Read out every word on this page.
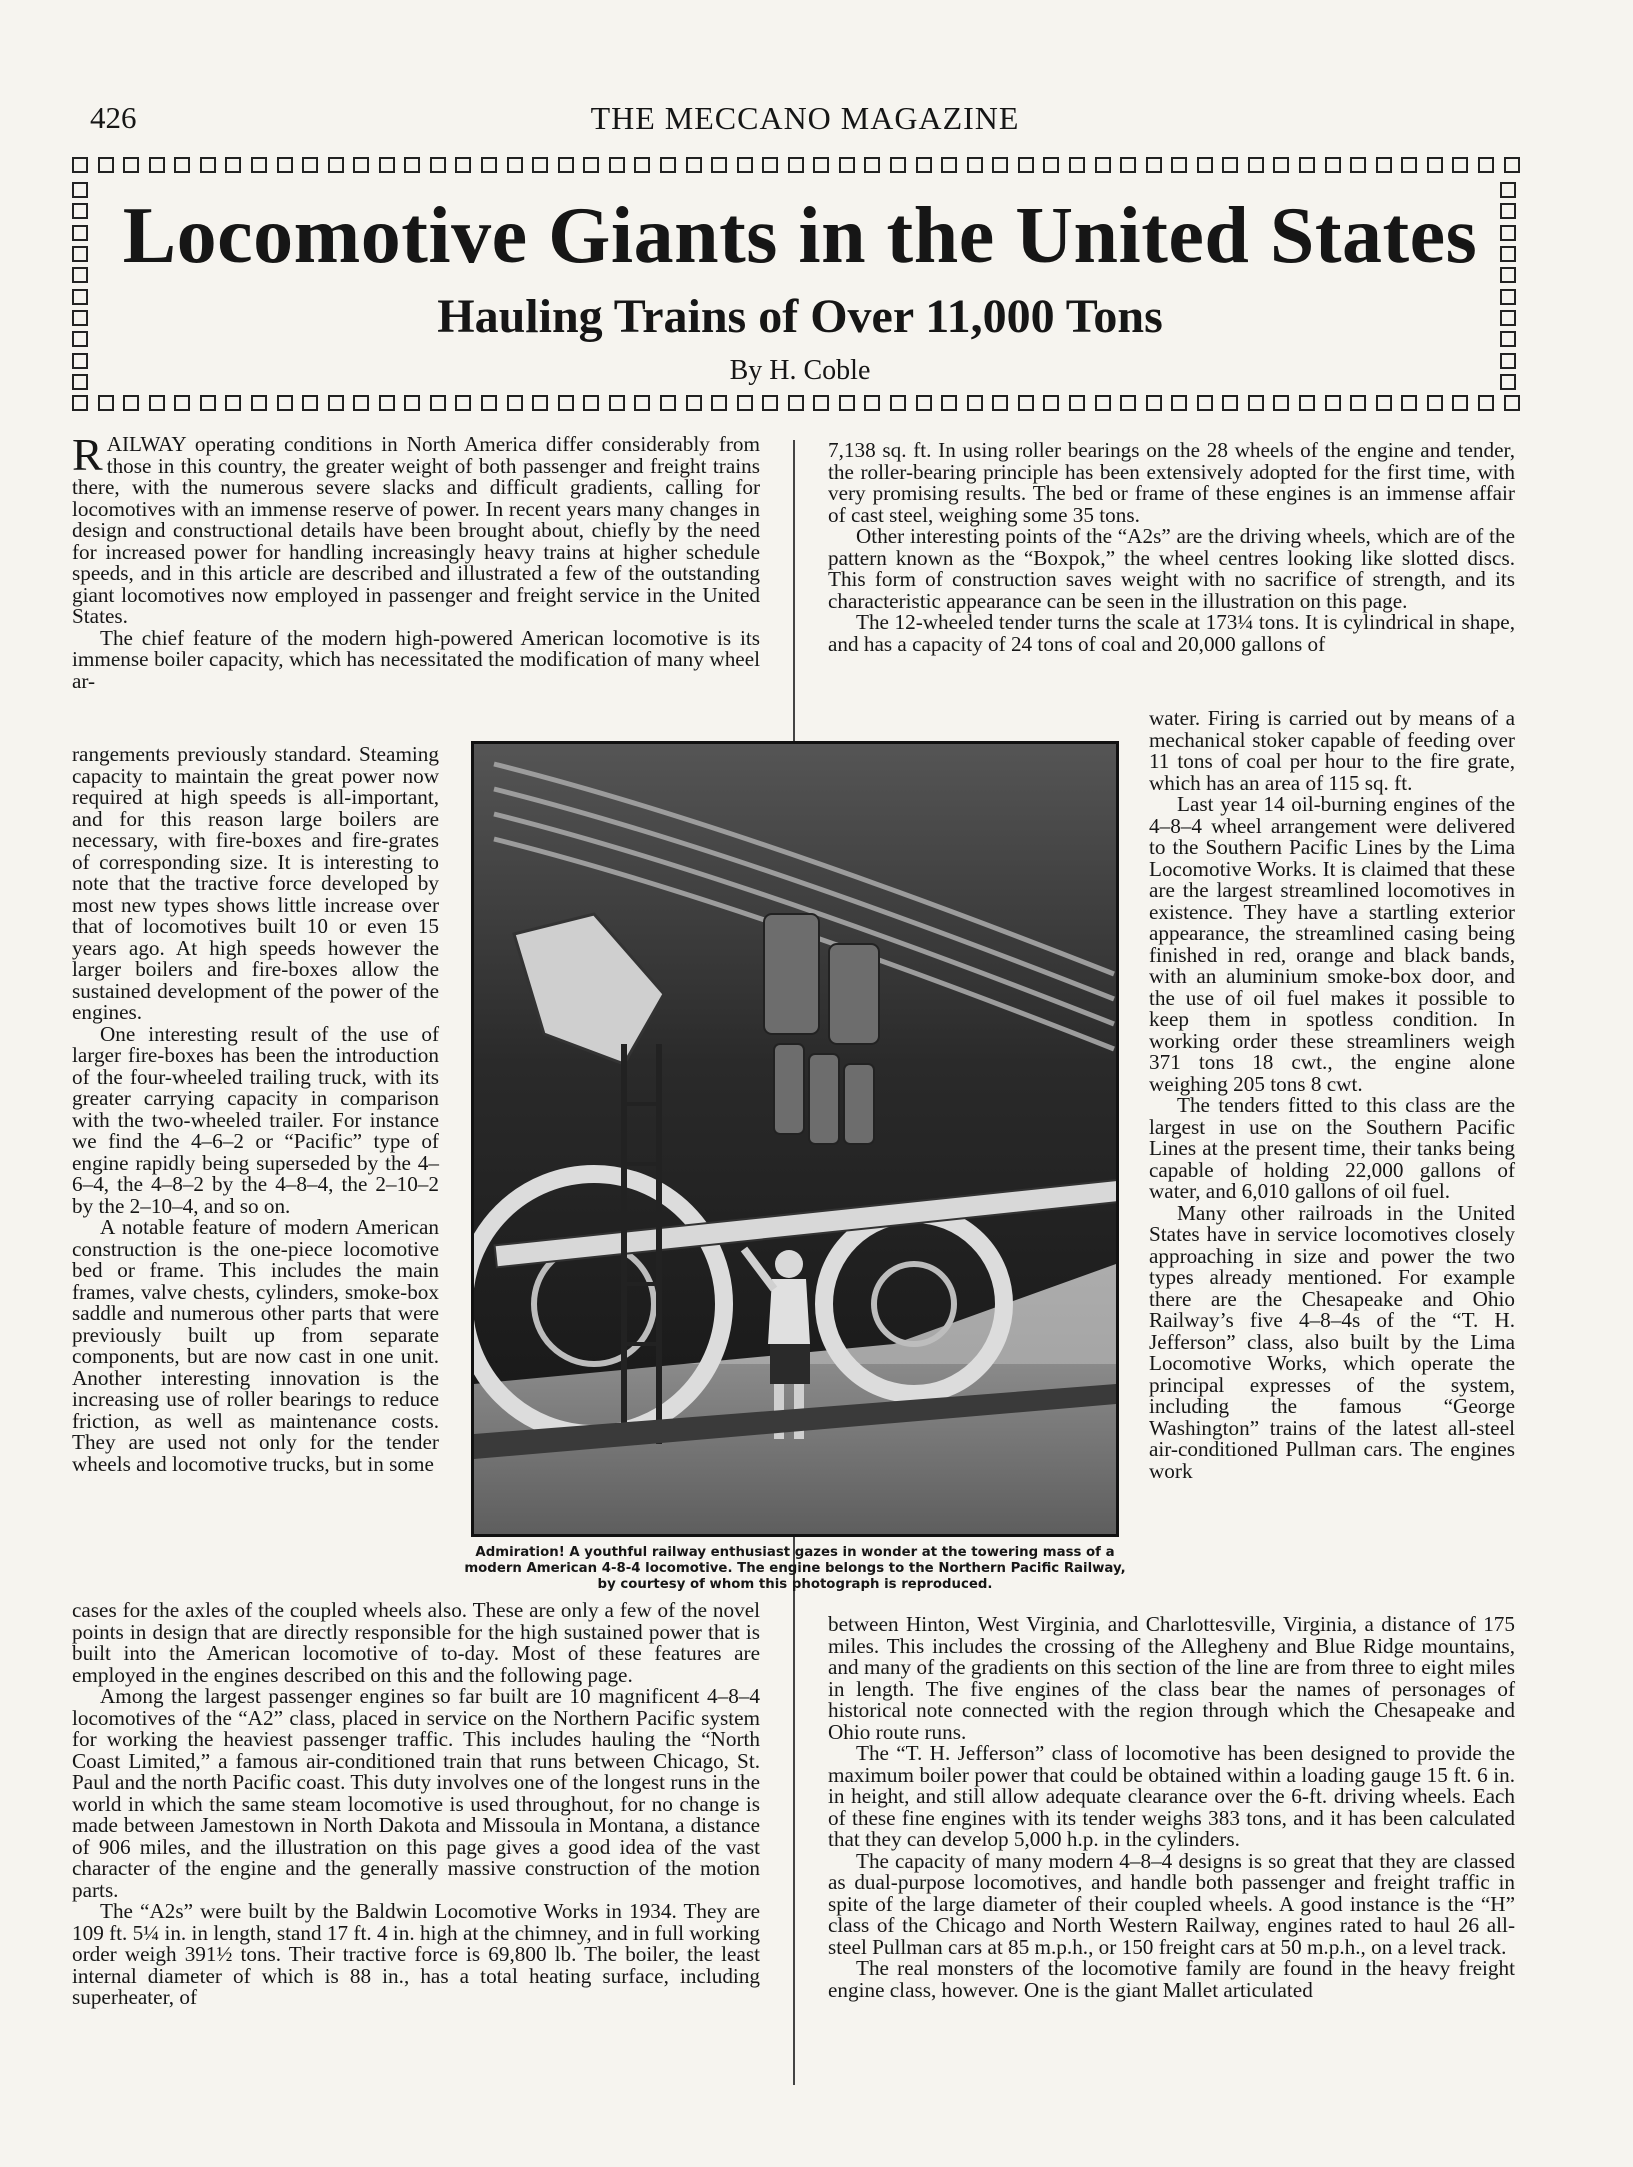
426	THE MECCANO MAGAZINE
Locomotive Giants in the United States
Hauling Trains of Over 11,000 Tons
By H. Coble

RAILWAY operating conditions in North America differ considerably from those in this country, the greater weight of both passenger and freight trains there, with the numerous severe slacks and difficult gradients, calling for locomotives with an immense reserve of power. In recent years many changes in design and constructional details have been brought about, chiefly by the need for increased power for handling increasingly heavy trains at higher schedule speeds, and in this article are described and illustrated a few of the outstanding giant locomotives now employed in passenger and freight service in the United States.

The chief feature of the modern high-powered American locomotive is its immense boiler capacity, which has necessitated the modification of many wheel ar-

rangements previously standard. Steaming capacity to maintain the great power now required at high speeds is all-important, and for this reason large boilers are necessary, with fire-boxes and fire-grates of corresponding size. It is interesting to note that the tractive force developed by most new types shows little increase over that of locomotives built 10 or even 15 years ago. At high speeds however the larger boilers and fire-boxes allow the sustained development of the power of the engines.

One interesting result of the use of larger fire-boxes has been the introduction of the four-wheeled trailing truck, with its greater carrying capacity in comparison with the two-wheeled trailer. For instance we find the 4–6–2 or “Pacific” type of engine rapidly being superseded by the 4–6–4, the 4–8–2 by the 4–8–4, the 2–10–2 by the 2–10–4, and so on.

A notable feature of modern American construction is the one-piece locomotive bed or frame. This includes the main frames, valve chests, cylinders, smoke-box saddle and numerous other parts that were previously built up from separate components, but are now cast in one unit. Another interesting innovation is the increasing use of roller bearings to reduce friction, as well as maintenance costs. They are used not only for the tender wheels and locomotive trucks, but in some

cases for the axles of the coupled wheels also. These are only a few of the novel points in design that are directly responsible for the high sustained power that is built into the American locomotive of to-day. Most of these features are employed in the engines described on this and the following page.

Among the largest passenger engines so far built are 10 magnificent 4–8–4 locomotives of the “A2” class, placed in service on the Northern Pacific system for working the heaviest passenger traffic. This includes hauling the “North Coast Limited,” a famous air-conditioned train that runs between Chicago, St. Paul and the north Pacific coast. This duty involves one of the longest runs in the world in which the same steam locomotive is used throughout, for no change is made between Jamestown in North Dakota and Missoula in Montana, a distance of 906 miles, and the illustration on this page gives a good idea of the vast character of the engine and the generally massive construction of the motion parts.

The “A2s” were built by the Baldwin Locomotive Works in 1934. They are 109 ft. 5¼ in. in length, stand 17 ft. 4 in. high at the chimney, and in full working order weigh 391½ tons. Their tractive force is 69,800 lb. The boiler, the least internal diameter of which is 88 in., has a total heating surface, including superheater, of

7,138 sq. ft. In using roller bearings on the 28 wheels of the engine and tender, the roller-bearing principle has been extensively adopted for the first time, with very promising results. The bed or frame of these engines is an immense affair of cast steel, weighing some 35 tons.

Other interesting points of the “A2s” are the driving wheels, which are of the pattern known as the “Boxpok,” the wheel centres looking like slotted discs. This form of construction saves weight with no sacrifice of strength, and its characteristic appearance can be seen in the illustration on this page.

The 12-wheeled tender turns the scale at 173¼ tons. It is cylindrical in shape, and has a capacity of 24 tons of coal and 20,000 gallons of

water. Firing is carried out by means of a mechanical stoker capable of feeding over 11 tons of coal per hour to the fire grate, which has an area of 115 sq. ft.

Last year 14 oil-burning engines of the 4–8–4 wheel arrangement were delivered to the Southern Pacific Lines by the Lima Locomotive Works. It is claimed that these are the largest streamlined locomotives in existence. They have a startling exterior appearance, the streamlined casing being finished in red, orange and black bands, with an aluminium smoke-box door, and the use of oil fuel makes it possible to keep them in spotless condition. In working order these streamliners weigh 371 tons 18 cwt., the engine alone weighing 205 tons 8 cwt.

The tenders fitted to this class are the largest in use on the Southern Pacific Lines at the present time, their tanks being capable of holding 22,000 gallons of water, and 6,010 gallons of oil fuel.

Many other railroads in the United States have in service locomotives closely approaching in size and power the two types already mentioned. For example there are the Chesapeake and Ohio Railway’s five 4–8–4s of the “T. H. Jefferson” class, also built by the Lima Locomotive Works, which operate the principal expresses of the system, including the famous “George Washington” trains of the latest all-steel air-conditioned Pullman cars. The engines work

between Hinton, West Virginia, and Charlottesville, Virginia, a distance of 175 miles. This includes the crossing of the Allegheny and Blue Ridge mountains, and many of the gradients on this section of the line are from three to eight miles in length. The five engines of the class bear the names of personages of historical note connected with the region through which the Chesapeake and Ohio route runs.

The “T. H. Jefferson” class of locomotive has been designed to provide the maximum boiler power that could be obtained within a loading gauge 15 ft. 6 in. in height, and still allow adequate clearance over the 6-ft. driving wheels. Each of these fine engines with its tender weighs 383 tons, and it has been calculated that they can develop 5,000 h.p. in the cylinders.

The capacity of many modern 4–8–4 designs is so great that they are classed as dual-purpose locomotives, and handle both passenger and freight traffic in spite of the large diameter of their coupled wheels. A good instance is the “H” class of the Chicago and North Western Railway, engines rated to haul 26 all-steel Pullman cars at 85 m.p.h., or 150 freight cars at 50 m.p.h., on a level track.

The real monsters of the locomotive family are found in the heavy freight engine class, however. One is the giant Mallet articulated

Admiration! A youthful railway enthusiast gazes in wonder at the towering mass of a modern American 4-8-4 locomotive. The engine belongs to the Northern Pacific Railway, by courtesy of whom this photograph is reproduced.
